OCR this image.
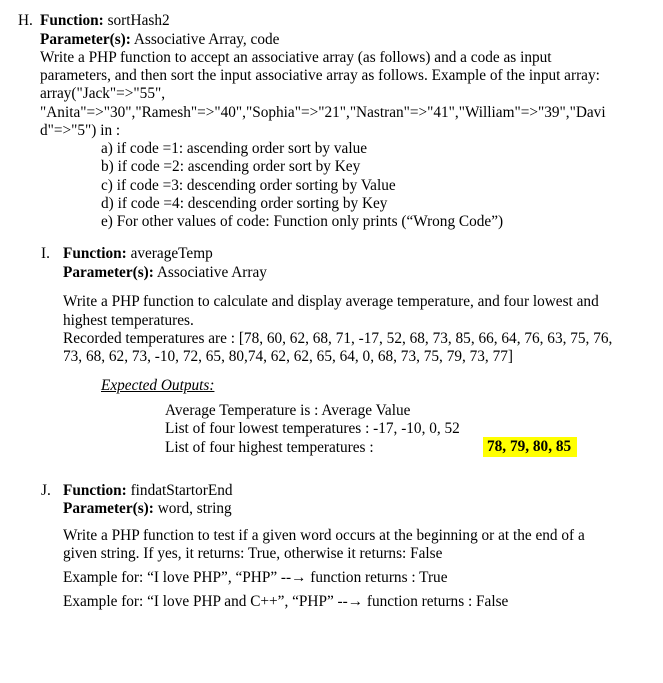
H. Function: sortHash2
Parameter(s): Associative Array, code
Write a PHP function to accept an associative array (as follows) and a code as input
parameters, and then sort the input associative array as follows. Example of the input array:
array("Jack"=>"55",
"Anita"=>"30","Ramesh"=>"40","Sophia"=>"21","Nastran"=>"41","William"=>"39","Davi
d"=>"5") in :
a) if code =1: ascending order sort by value
b) if code =2: ascending order sort by Key
c) if code =3: descending order sorting by Value
d) if code =4: descending order sorting by Key
e) For other values of code: Function only prints (“Wrong Code”)
I. Function: averageTemp
Parameter(s): Associative Array
Write a PHP function to calculate and display average temperature, and four lowest and
highest temperatures.
Recorded temperatures are : [78, 60, 62, 68, 71, -17, 52, 68, 73, 85, 66, 64, 76, 63, 75, 76,
73, 68, 62, 73, -10, 72, 65, 80,74, 62, 62, 65, 64, 0, 68, 73, 75, 79, 73, 77]
Expected Outputs:
Average Temperature is : Average Value
List of four lowest temperatures : -17, -10, 0, 52
List of four highest temperatures :	78, 79, 80, 85
J. Function: findatStartorEnd
Parameter(s): word, string
Write a PHP function to test if a given word occurs at the beginning or at the end of a
given string. If yes, it returns: True, otherwise it returns: False
Example for: “I love PHP”, “PHP” --→ function returns : True
Example for: “I love PHP and C++”, “PHP” --→ function returns : False
